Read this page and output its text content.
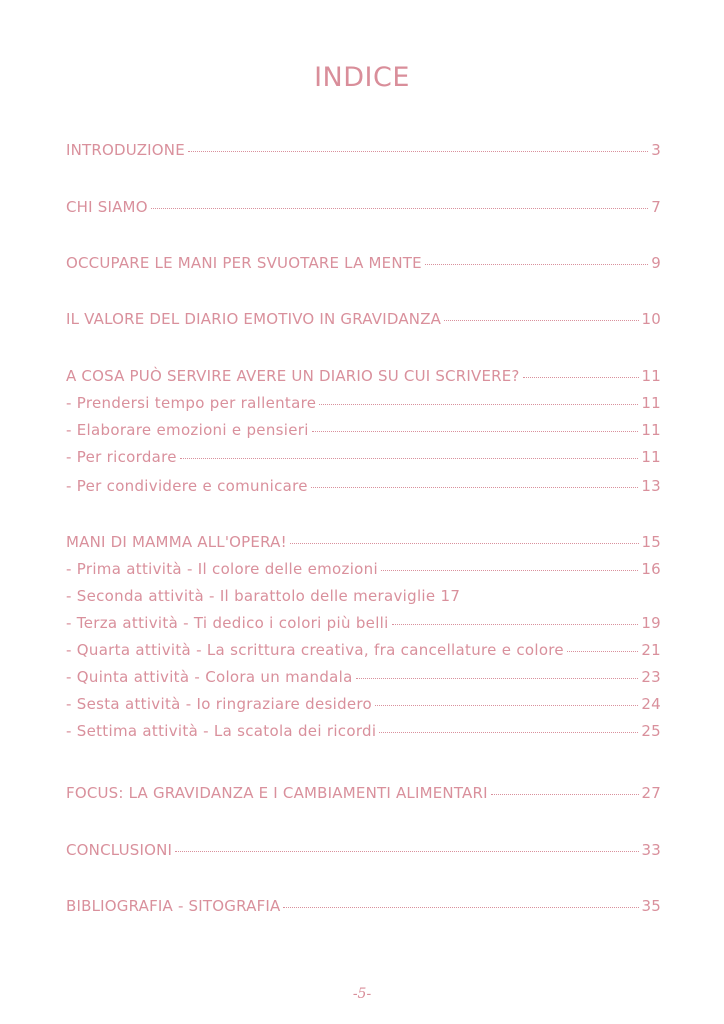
INDICE
INTRODUZIONE	3
CHI SIAMO	7
OCCUPARE LE MANI PER SVUOTARE LA MENTE	9
IL VALORE DEL DIARIO EMOTIVO IN GRAVIDANZA	10
A COSA PUÒ SERVIRE AVERE UN DIARIO SU CUI SCRIVERE?	11
- Prendersi tempo per rallentare	11
- Elaborare emozioni e pensieri	11
- Per ricordare	11
- Per condividere e comunicare	13
MANI DI MAMMA ALL'OPERA!	15
- Prima attività - Il colore delle emozioni	16
- Seconda attività - Il barattolo delle meraviglie 17
- Terza attività - Ti dedico i colori più belli	19
- Quarta attività - La scrittura creativa, fra cancellature e colore	21
- Quinta attività - Colora un mandala	23
- Sesta attività - Io ringraziare desidero	24
- Settima attività - La scatola dei ricordi	25
FOCUS: LA GRAVIDANZA E I CAMBIAMENTI ALIMENTARI	27
CONCLUSIONI	33
BIBLIOGRAFIA - SITOGRAFIA	35
-5-
